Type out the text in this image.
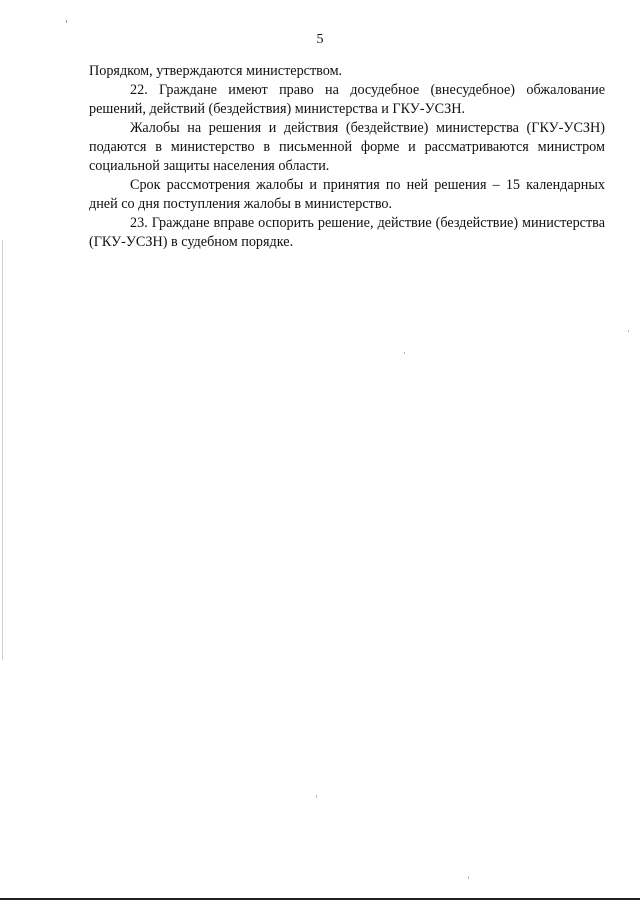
5

Порядком, утверждаются министерством.

22. Граждане имеют право на досудебное (внесудебное) обжалование решений, действий (бездействия) министерства и ГКУ-УСЗН.

Жалобы на решения и действия (бездействие) министерства (ГКУ-УСЗН) подаются в министерство в письменной форме и рассматриваются министром социальной защиты населения области.

Срок рассмотрения жалобы и принятия по ней решения – 15 календарных дней со дня поступления жалобы в министерство.

23. Граждане вправе оспорить решение, действие (бездействие) министерства (ГКУ-УСЗН) в судебном порядке.
